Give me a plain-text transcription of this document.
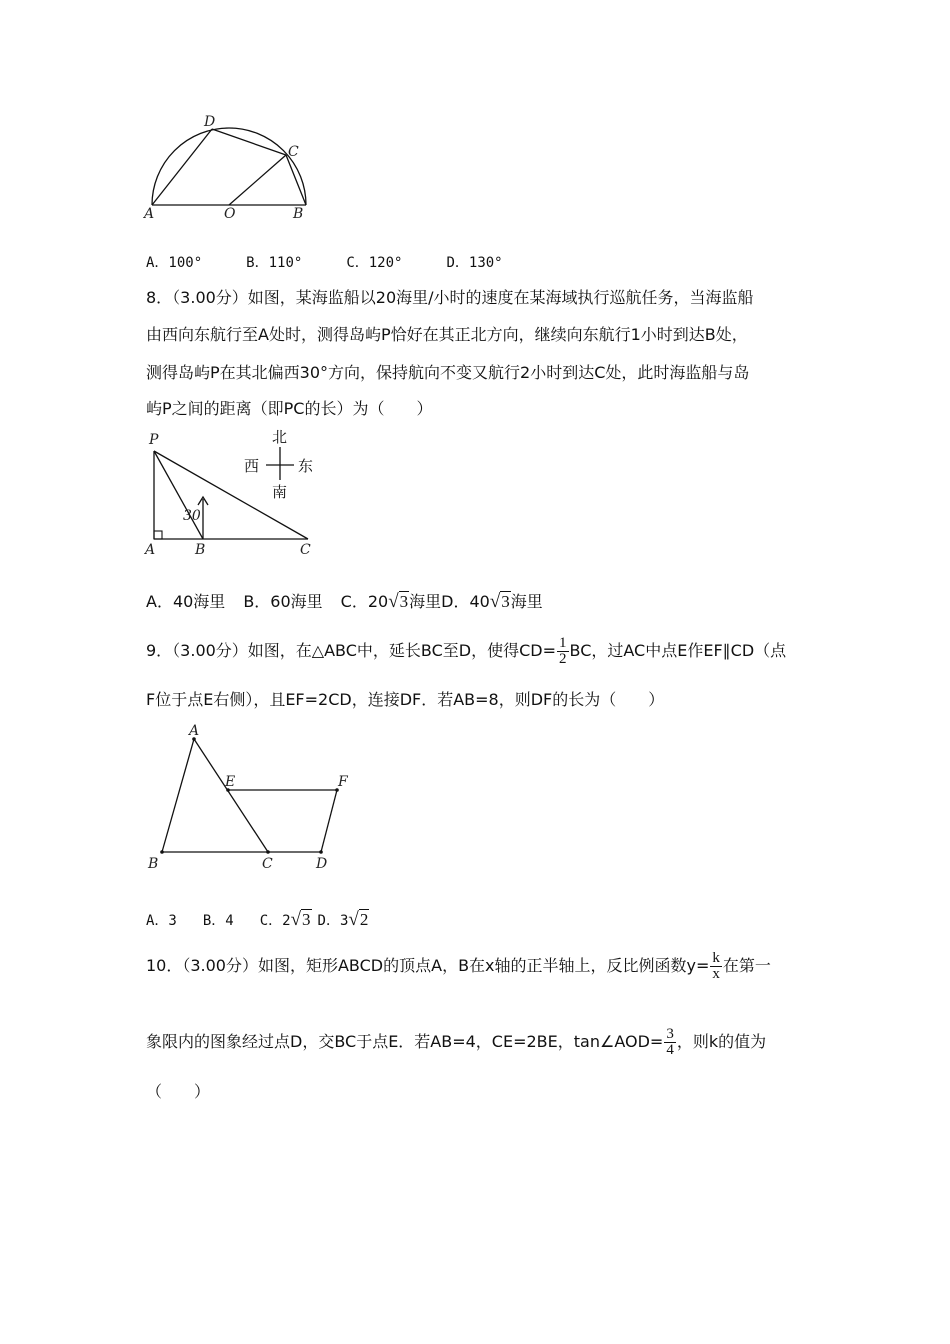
D
C
A	O	B
A．100°	B．110°	C．120°	D．130°
8．（3.00分）如图，某海监船以20海里/小时的速度在某海域执行巡航任务，当海监船
由西向东航行至A处时，测得岛屿P恰好在其正北方向，继续向东航行1小时到达B处，
测得岛屿P在其北偏西30°方向，保持航向不变又航行2小时到达C处，此时海监船与岛
屿P之间的距离（即PC的长）为（　　）
30
P
A	B	C
北
南
西	东
A．40海里 B．60海里 C．20√3海里D．40√3海里
9．（3.00分）如图，在△ABC中，延长BC至D，使得$CD= \frac{1}{2}$ BC，过AC中点E作EF∥CD（点
F位于点E右侧），且EF=2CD，连接DF．若AB=8，则DF的长为（　　）
A
E	F
B	C	D
A．3 B．4 C．2√3 D．3√2
10．（3.00分）如图，矩形ABCD的顶点A，B在x轴的正半轴上，反比例函数$y= \frac{k}{x}$ 在第一
象限内的图象经过点D，交BC于点E．若AB=4，CE=2BE，tan∠AOD= $\frac{3}{4}$ ，则k的值为
（　　）
